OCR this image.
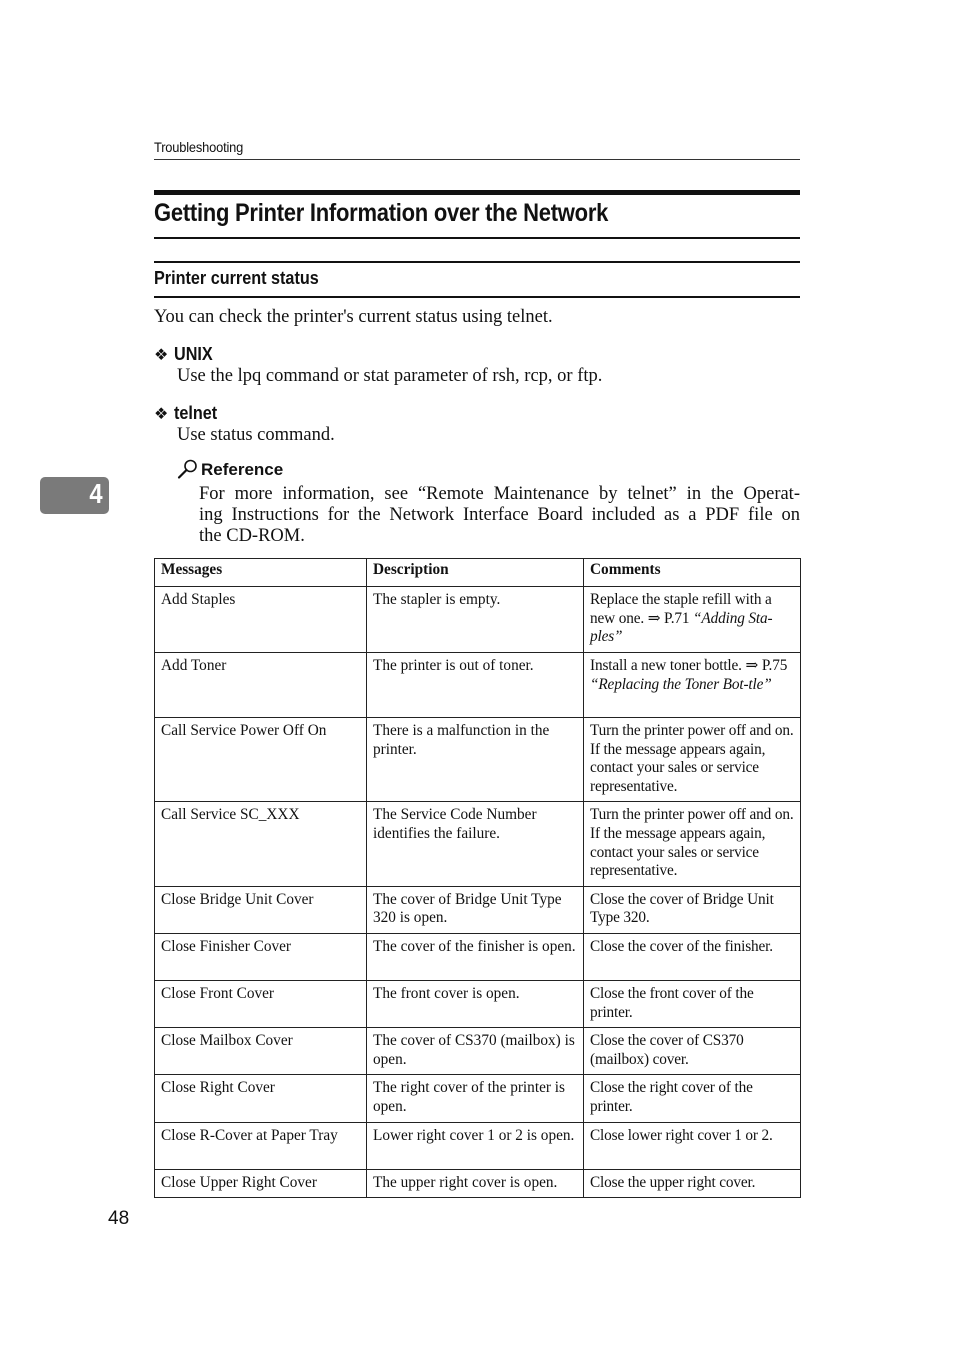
Troubleshooting
4
Getting Printer Information over the Network
Printer current status
You can check the printer's current status using telnet.
❖ UNIX
Use the lpq command or stat parameter of rsh, rcp, or ftp.
❖ telnet
Use status command.
Reference
For more information, see “Remote Maintenance by telnet” in the Operat-
ing Instructions for the Network Interface Board included as a PDF file on
the CD-ROM.
Messages	Description	Comments
Add Staples	The stapler is empty.	Replace the staple refill with a new one. ⇒ P.71 “Adding Sta-ples”
Add Toner	The printer is out of toner.	Install a new toner bottle. ⇒ P.75 “Replacing the Toner Bot-tle”
Call Service Power Off On	There is a malfunction in the printer.	Turn the printer power off and on. If the message appears again, contact your sales or service representative.
Call Service SC_XXX	The Service Code Number identifies the failure.	Turn the printer power off and on. If the message appears again, contact your sales or service representative.
Close Bridge Unit Cover	The cover of Bridge Unit Type 320 is open.	Close the cover of Bridge Unit Type 320.
Close Finisher Cover	The cover of the finisher is open.	Close the cover of the finisher.
Close Front Cover	The front cover is open.	Close the front cover of the printer.
Close Mailbox Cover	The cover of CS370 (mailbox) is open.	Close the cover of CS370 (mailbox) cover.
Close Right Cover	The right cover of the printer is open.	Close the right cover of the printer.
Close R-Cover at Paper Tray	Lower right cover 1 or 2 is open.	Close lower right cover 1 or 2.
Close Upper Right Cover	The upper right cover is open.	Close the upper right cover.
48
